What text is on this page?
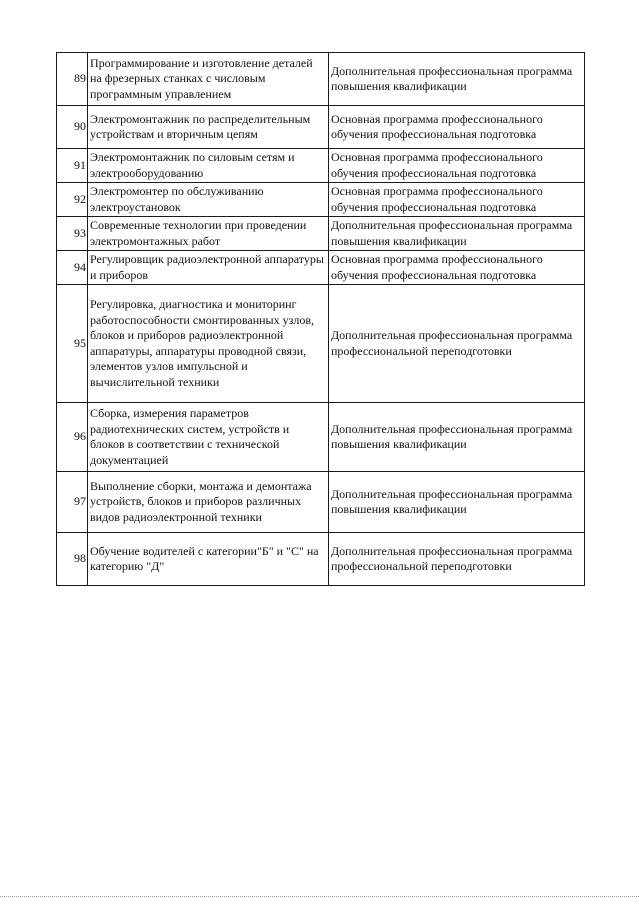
89	Программирование и изготовление деталей на фрезерных станках с числовым программным управлением	Дополнительная профессиональная программа повышения квалификации
90	Электромонтажник по распределительным устройствам и вторичным цепям	Основная программа профессионального обучения профессиональная подготовка
91	Электромонтажник по силовым сетям и электрооборудованию	Основная программа профессионального обучения профессиональная подготовка
92	Электромонтер по обслуживанию электроустановок	Основная программа профессионального обучения профессиональная подготовка
93	Современные технологии при проведении электромонтажных работ	Дополнительная профессиональная программа повышения квалификации
94	Регулировщик радиоэлектронной аппаратуры и приборов	Основная программа профессионального обучения профессиональная подготовка
95	Регулировка, диагностика и мониторинг работоспособности смонтированных узлов, блоков и приборов радиоэлектронной аппаратуры, аппаратуры проводной связи, элементов узлов импульсной и вычислительной техники	Дополнительная профессиональная программа профессиональной переподготовки
96	Сборка, измерения параметров радиотехнических систем, устройств и блоков в соответствии с технической документацией	Дополнительная профессиональная программа повышения квалификации
97	Выполнение сборки, монтажа и демонтажа устройств, блоков и приборов различных видов радиоэлектронной техники	Дополнительная профессиональная программа повышения квалификации
98	Обучение водителей с категории"Б" и "С" на категорию "Д"	Дополнительная профессиональная программа профессиональной переподготовки
